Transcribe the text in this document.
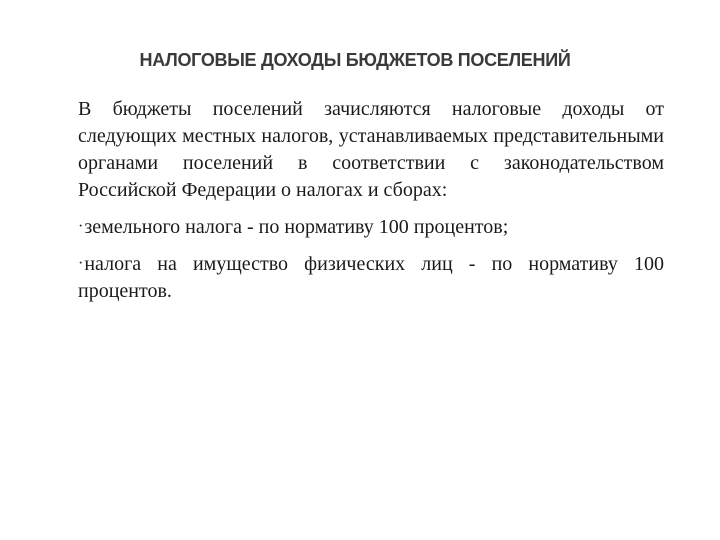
НАЛОГОВЫЕ ДОХОДЫ БЮДЖЕТОВ ПОСЕЛЕНИЙ

В бюджеты поселений зачисляются налоговые доходы от следующих местных налогов, устанавливаемых представительными органами поселений в соответствии с законодательством Российской Федерации о налогах и сборах:

·земельного налога - по нормативу 100 процентов;
·налога на имущество физических лиц - по нормативу 100 процентов.
